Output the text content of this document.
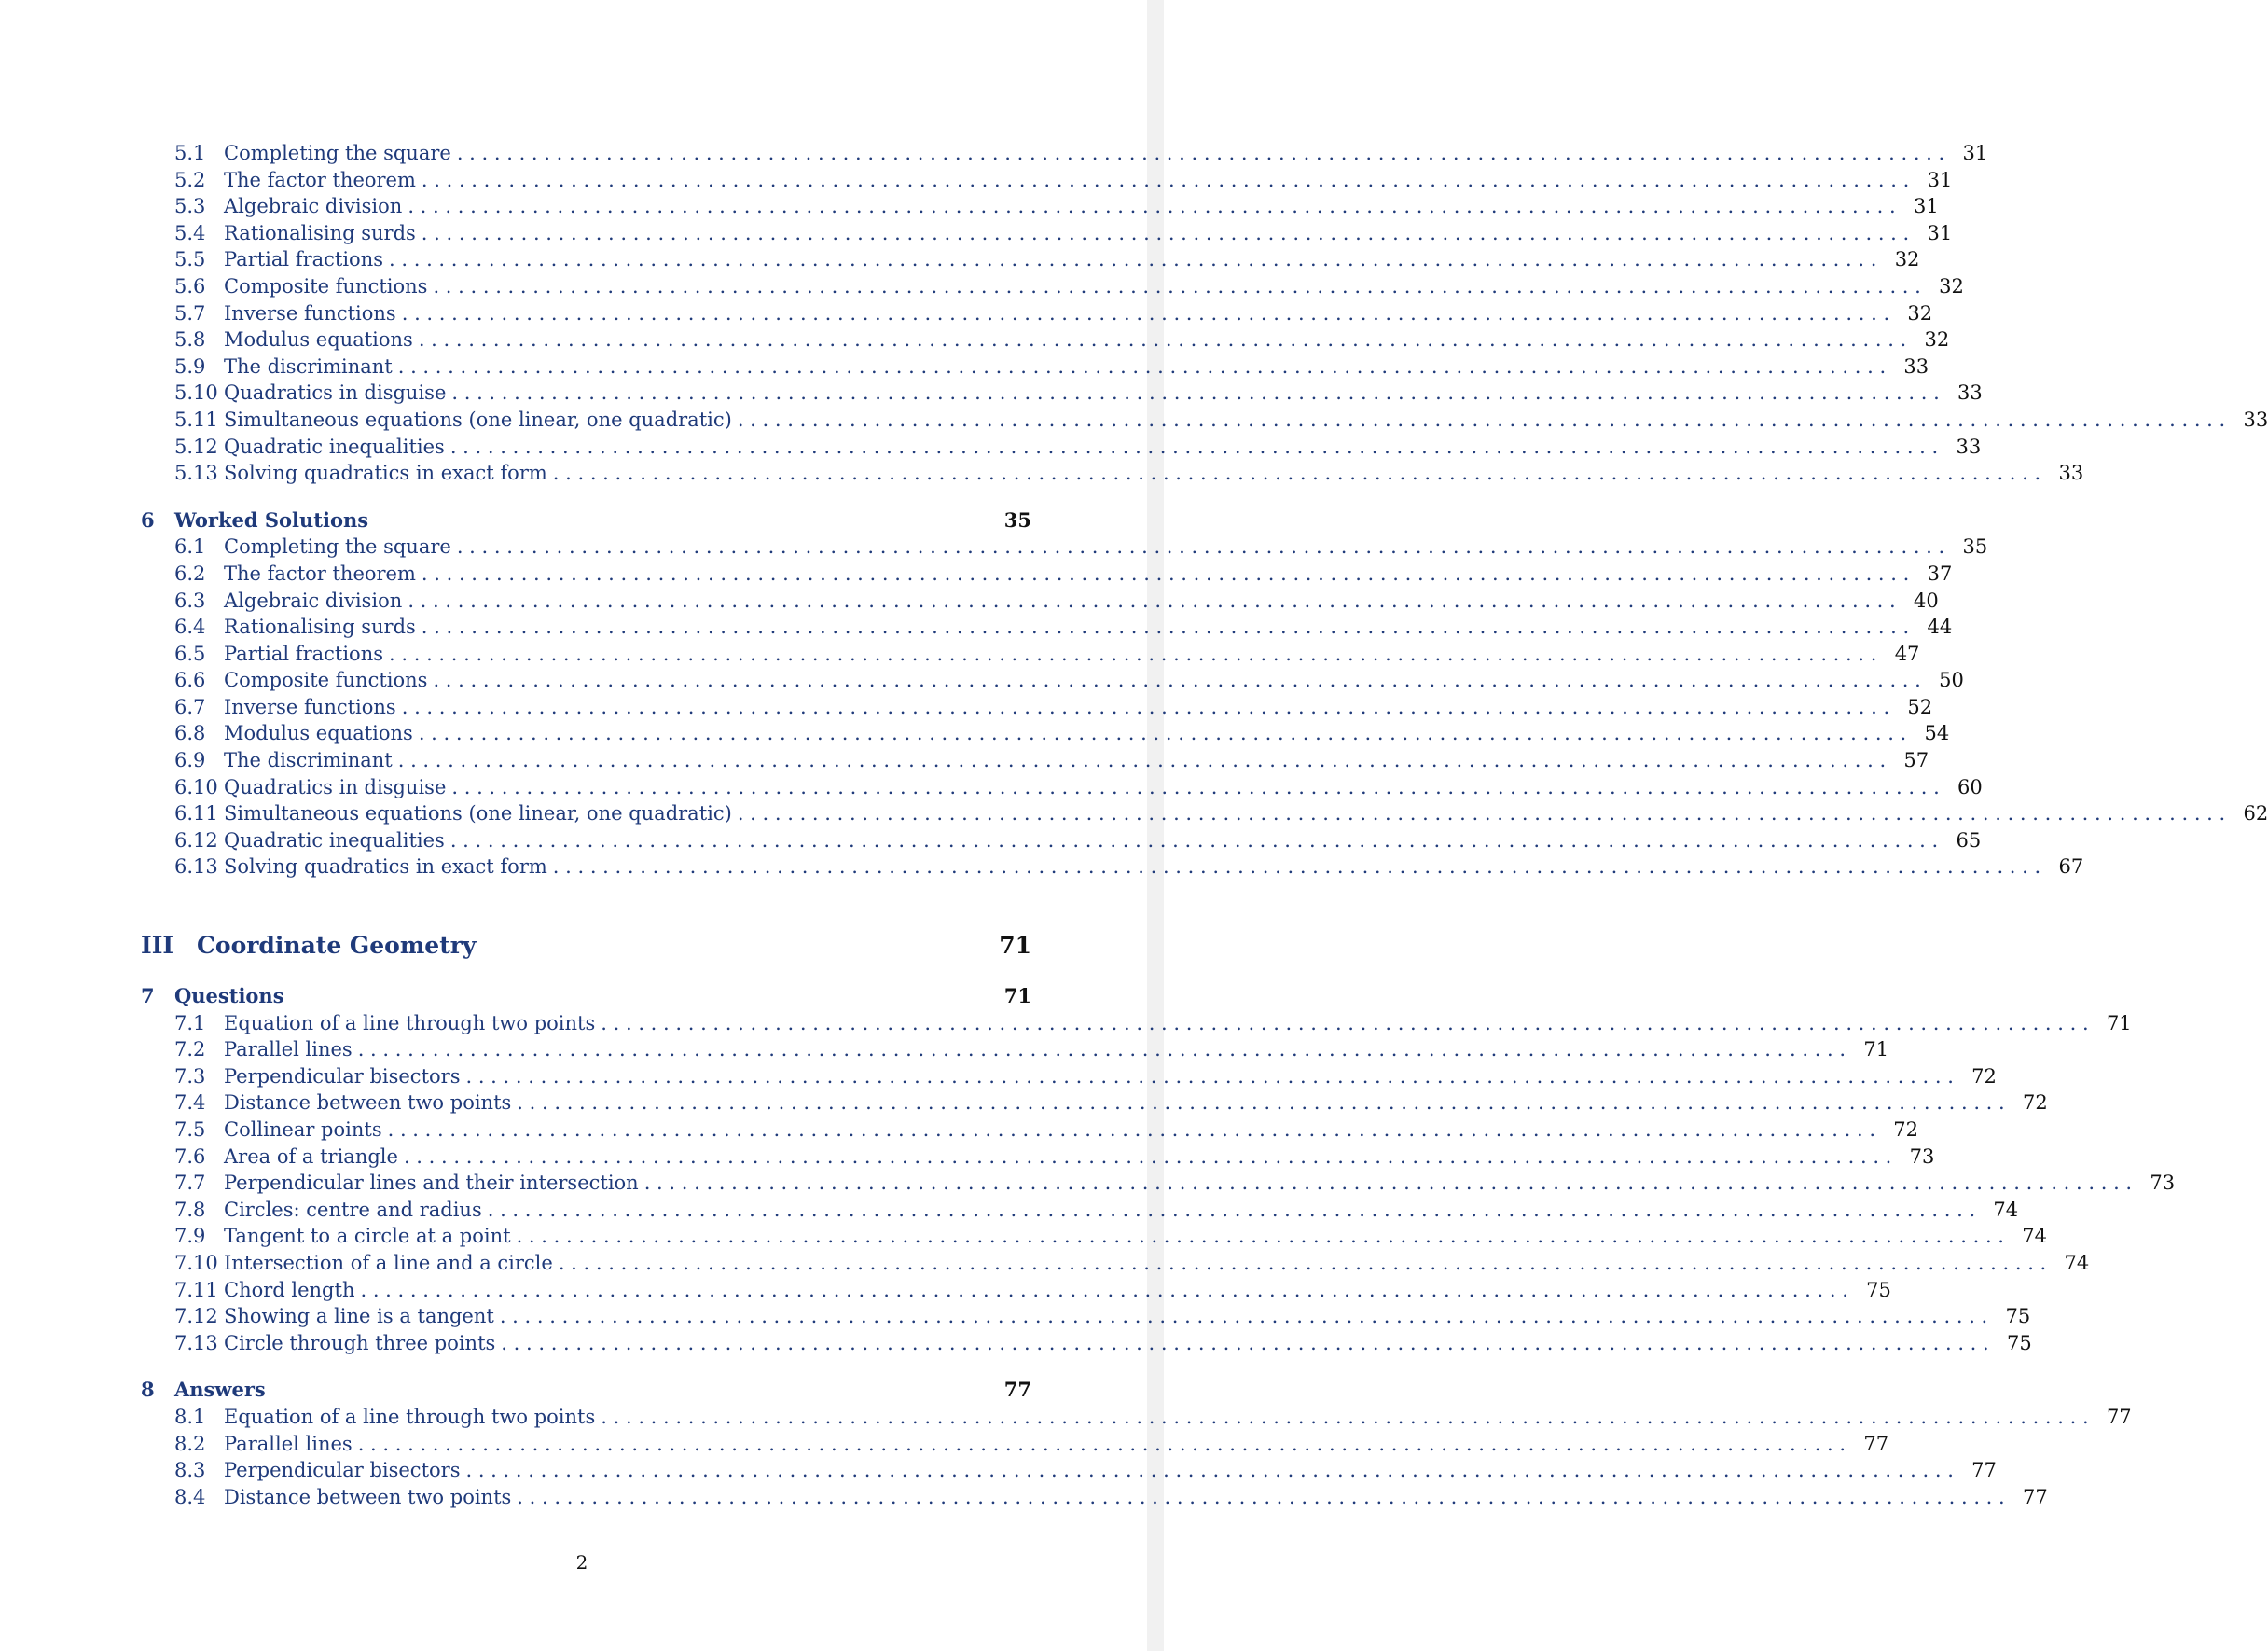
5.1 Completing the square . . . . . . . . . . . . . . . . . . . . . . . . . . . . . . . . . . . . . . . . . . . . . . . . . . . . . . . . . . . . . . . . . . . . . . . . . . . . . . . . . . . . . . . . . . . . . . . . . . . . . . . . . . . . . . . . . . . . . . . . 31
5.2 The factor theorem . . . . . . . . . . . . . . . . . . . . . . . . . . . . . . . . . . . . . . . . . . . . . . . . . . . . . . . . . . . . . . . . . . . . . . . . . . . . . . . . . . . . . . . . . . . . . . . . . . . . . . . . . . . . . . . . . . . . . . . . 31
5.3 Algebraic division . . . . . . . . . . . . . . . . . . . . . . . . . . . . . . . . . . . . . . . . . . . . . . . . . . . . . . . . . . . . . . . . . . . . . . . . . . . . . . . . . . . . . . . . . . . . . . . . . . . . . . . . . . . . . . . . . . . . . . . . 31
5.4 Rationalising surds . . . . . . . . . . . . . . . . . . . . . . . . . . . . . . . . . . . . . . . . . . . . . . . . . . . . . . . . . . . . . . . . . . . . . . . . . . . . . . . . . . . . . . . . . . . . . . . . . . . . . . . . . . . . . . . . . . . . . . . . 31
5.5 Partial fractions . . . . . . . . . . . . . . . . . . . . . . . . . . . . . . . . . . . . . . . . . . . . . . . . . . . . . . . . . . . . . . . . . . . . . . . . . . . . . . . . . . . . . . . . . . . . . . . . . . . . . . . . . . . . . . . . . . . . . . . . 32
5.6 Composite functions . . . . . . . . . . . . . . . . . . . . . . . . . . . . . . . . . . . . . . . . . . . . . . . . . . . . . . . . . . . . . . . . . . . . . . . . . . . . . . . . . . . . . . . . . . . . . . . . . . . . . . . . . . . . . . . . . . . . . . . . 32
5.7 Inverse functions . . . . . . . . . . . . . . . . . . . . . . . . . . . . . . . . . . . . . . . . . . . . . . . . . . . . . . . . . . . . . . . . . . . . . . . . . . . . . . . . . . . . . . . . . . . . . . . . . . . . . . . . . . . . . . . . . . . . . . . . 32
5.8 Modulus equations . . . . . . . . . . . . . . . . . . . . . . . . . . . . . . . . . . . . . . . . . . . . . . . . . . . . . . . . . . . . . . . . . . . . . . . . . . . . . . . . . . . . . . . . . . . . . . . . . . . . . . . . . . . . . . . . . . . . . . . . 32
5.9 The discriminant . . . . . . . . . . . . . . . . . . . . . . . . . . . . . . . . . . . . . . . . . . . . . . . . . . . . . . . . . . . . . . . . . . . . . . . . . . . . . . . . . . . . . . . . . . . . . . . . . . . . . . . . . . . . . . . . . . . . . . . . 33
5.10 Quadratics in disguise . . . . . . . . . . . . . . . . . . . . . . . . . . . . . . . . . . . . . . . . . . . . . . . . . . . . . . . . . . . . . . . . . . . . . . . . . . . . . . . . . . . . . . . . . . . . . . . . . . . . . . . . . . . . . . . . . . . . . . . . 33
5.11 Simultaneous equations (one linear, one quadratic) . . . . . . . . . . . . . . . . . . . . . . . . . . . . . . . . . . . . . . . . . . . . . . . . . . . . . . . . . . . . . . . . . . . . . . . . . . . . . . . . . . . . . . . . . . . . . . . . . . . . . . . . . . . . . . . . . . . . . . . . 33
5.12 Quadratic inequalities . . . . . . . . . . . . . . . . . . . . . . . . . . . . . . . . . . . . . . . . . . . . . . . . . . . . . . . . . . . . . . . . . . . . . . . . . . . . . . . . . . . . . . . . . . . . . . . . . . . . . . . . . . . . . . . . . . . . . . . . 33
5.13 Solving quadratics in exact form . . . . . . . . . . . . . . . . . . . . . . . . . . . . . . . . . . . . . . . . . . . . . . . . . . . . . . . . . . . . . . . . . . . . . . . . . . . . . . . . . . . . . . . . . . . . . . . . . . . . . . . . . . . . . . . . . . . . . . . . 33
6	Worked Solutions	35
6.1 Completing the square . . . . . . . . . . . . . . . . . . . . . . . . . . . . . . . . . . . . . . . . . . . . . . . . . . . . . . . . . . . . . . . . . . . . . . . . . . . . . . . . . . . . . . . . . . . . . . . . . . . . . . . . . . . . . . . . . . . . . . . . 35
6.2 The factor theorem . . . . . . . . . . . . . . . . . . . . . . . . . . . . . . . . . . . . . . . . . . . . . . . . . . . . . . . . . . . . . . . . . . . . . . . . . . . . . . . . . . . . . . . . . . . . . . . . . . . . . . . . . . . . . . . . . . . . . . . . 37
6.3 Algebraic division . . . . . . . . . . . . . . . . . . . . . . . . . . . . . . . . . . . . . . . . . . . . . . . . . . . . . . . . . . . . . . . . . . . . . . . . . . . . . . . . . . . . . . . . . . . . . . . . . . . . . . . . . . . . . . . . . . . . . . . . 40
6.4 Rationalising surds . . . . . . . . . . . . . . . . . . . . . . . . . . . . . . . . . . . . . . . . . . . . . . . . . . . . . . . . . . . . . . . . . . . . . . . . . . . . . . . . . . . . . . . . . . . . . . . . . . . . . . . . . . . . . . . . . . . . . . . . 44
6.5 Partial fractions . . . . . . . . . . . . . . . . . . . . . . . . . . . . . . . . . . . . . . . . . . . . . . . . . . . . . . . . . . . . . . . . . . . . . . . . . . . . . . . . . . . . . . . . . . . . . . . . . . . . . . . . . . . . . . . . . . . . . . . . 47
6.6 Composite functions . . . . . . . . . . . . . . . . . . . . . . . . . . . . . . . . . . . . . . . . . . . . . . . . . . . . . . . . . . . . . . . . . . . . . . . . . . . . . . . . . . . . . . . . . . . . . . . . . . . . . . . . . . . . . . . . . . . . . . . . 50
6.7 Inverse functions . . . . . . . . . . . . . . . . . . . . . . . . . . . . . . . . . . . . . . . . . . . . . . . . . . . . . . . . . . . . . . . . . . . . . . . . . . . . . . . . . . . . . . . . . . . . . . . . . . . . . . . . . . . . . . . . . . . . . . . . 52
6.8 Modulus equations . . . . . . . . . . . . . . . . . . . . . . . . . . . . . . . . . . . . . . . . . . . . . . . . . . . . . . . . . . . . . . . . . . . . . . . . . . . . . . . . . . . . . . . . . . . . . . . . . . . . . . . . . . . . . . . . . . . . . . . . 54
6.9 The discriminant . . . . . . . . . . . . . . . . . . . . . . . . . . . . . . . . . . . . . . . . . . . . . . . . . . . . . . . . . . . . . . . . . . . . . . . . . . . . . . . . . . . . . . . . . . . . . . . . . . . . . . . . . . . . . . . . . . . . . . . . 57
6.10 Quadratics in disguise . . . . . . . . . . . . . . . . . . . . . . . . . . . . . . . . . . . . . . . . . . . . . . . . . . . . . . . . . . . . . . . . . . . . . . . . . . . . . . . . . . . . . . . . . . . . . . . . . . . . . . . . . . . . . . . . . . . . . . . . 60
6.11 Simultaneous equations (one linear, one quadratic) . . . . . . . . . . . . . . . . . . . . . . . . . . . . . . . . . . . . . . . . . . . . . . . . . . . . . . . . . . . . . . . . . . . . . . . . . . . . . . . . . . . . . . . . . . . . . . . . . . . . . . . . . . . . . . . . . . . . . . . . 62
6.12 Quadratic inequalities . . . . . . . . . . . . . . . . . . . . . . . . . . . . . . . . . . . . . . . . . . . . . . . . . . . . . . . . . . . . . . . . . . . . . . . . . . . . . . . . . . . . . . . . . . . . . . . . . . . . . . . . . . . . . . . . . . . . . . . . 65
6.13 Solving quadratics in exact form . . . . . . . . . . . . . . . . . . . . . . . . . . . . . . . . . . . . . . . . . . . . . . . . . . . . . . . . . . . . . . . . . . . . . . . . . . . . . . . . . . . . . . . . . . . . . . . . . . . . . . . . . . . . . . . . . . . . . . . . 67
III Coordinate Geometry	71
7	Questions	71
7.1 Equation of a line through two points . . . . . . . . . . . . . . . . . . . . . . . . . . . . . . . . . . . . . . . . . . . . . . . . . . . . . . . . . . . . . . . . . . . . . . . . . . . . . . . . . . . . . . . . . . . . . . . . . . . . . . . . . . . . . . . . . . . . . . . . 71
7.2 Parallel lines . . . . . . . . . . . . . . . . . . . . . . . . . . . . . . . . . . . . . . . . . . . . . . . . . . . . . . . . . . . . . . . . . . . . . . . . . . . . . . . . . . . . . . . . . . . . . . . . . . . . . . . . . . . . . . . . . . . . . . . . 71
7.3 Perpendicular bisectors . . . . . . . . . . . . . . . . . . . . . . . . . . . . . . . . . . . . . . . . . . . . . . . . . . . . . . . . . . . . . . . . . . . . . . . . . . . . . . . . . . . . . . . . . . . . . . . . . . . . . . . . . . . . . . . . . . . . . . . . 72
7.4 Distance between two points . . . . . . . . . . . . . . . . . . . . . . . . . . . . . . . . . . . . . . . . . . . . . . . . . . . . . . . . . . . . . . . . . . . . . . . . . . . . . . . . . . . . . . . . . . . . . . . . . . . . . . . . . . . . . . . . . . . . . . . . 72
7.5 Collinear points . . . . . . . . . . . . . . . . . . . . . . . . . . . . . . . . . . . . . . . . . . . . . . . . . . . . . . . . . . . . . . . . . . . . . . . . . . . . . . . . . . . . . . . . . . . . . . . . . . . . . . . . . . . . . . . . . . . . . . . . 72
7.6 Area of a triangle . . . . . . . . . . . . . . . . . . . . . . . . . . . . . . . . . . . . . . . . . . . . . . . . . . . . . . . . . . . . . . . . . . . . . . . . . . . . . . . . . . . . . . . . . . . . . . . . . . . . . . . . . . . . . . . . . . . . . . . . 73
7.7 Perpendicular lines and their intersection . . . . . . . . . . . . . . . . . . . . . . . . . . . . . . . . . . . . . . . . . . . . . . . . . . . . . . . . . . . . . . . . . . . . . . . . . . . . . . . . . . . . . . . . . . . . . . . . . . . . . . . . . . . . . . . . . . . . . . . . 73
7.8 Circles: centre and radius . . . . . . . . . . . . . . . . . . . . . . . . . . . . . . . . . . . . . . . . . . . . . . . . . . . . . . . . . . . . . . . . . . . . . . . . . . . . . . . . . . . . . . . . . . . . . . . . . . . . . . . . . . . . . . . . . . . . . . . . 74
7.9 Tangent to a circle at a point . . . . . . . . . . . . . . . . . . . . . . . . . . . . . . . . . . . . . . . . . . . . . . . . . . . . . . . . . . . . . . . . . . . . . . . . . . . . . . . . . . . . . . . . . . . . . . . . . . . . . . . . . . . . . . . . . . . . . . . . 74
7.10 Intersection of a line and a circle . . . . . . . . . . . . . . . . . . . . . . . . . . . . . . . . . . . . . . . . . . . . . . . . . . . . . . . . . . . . . . . . . . . . . . . . . . . . . . . . . . . . . . . . . . . . . . . . . . . . . . . . . . . . . . . . . . . . . . . . 74
7.11 Chord length . . . . . . . . . . . . . . . . . . . . . . . . . . . . . . . . . . . . . . . . . . . . . . . . . . . . . . . . . . . . . . . . . . . . . . . . . . . . . . . . . . . . . . . . . . . . . . . . . . . . . . . . . . . . . . . . . . . . . . . . 75
7.12 Showing a line is a tangent . . . . . . . . . . . . . . . . . . . . . . . . . . . . . . . . . . . . . . . . . . . . . . . . . . . . . . . . . . . . . . . . . . . . . . . . . . . . . . . . . . . . . . . . . . . . . . . . . . . . . . . . . . . . . . . . . . . . . . . . 75
7.13 Circle through three points . . . . . . . . . . . . . . . . . . . . . . . . . . . . . . . . . . . . . . . . . . . . . . . . . . . . . . . . . . . . . . . . . . . . . . . . . . . . . . . . . . . . . . . . . . . . . . . . . . . . . . . . . . . . . . . . . . . . . . . . 75
8	Answers	77
8.1 Equation of a line through two points . . . . . . . . . . . . . . . . . . . . . . . . . . . . . . . . . . . . . . . . . . . . . . . . . . . . . . . . . . . . . . . . . . . . . . . . . . . . . . . . . . . . . . . . . . . . . . . . . . . . . . . . . . . . . . . . . . . . . . . . 77
8.2 Parallel lines . . . . . . . . . . . . . . . . . . . . . . . . . . . . . . . . . . . . . . . . . . . . . . . . . . . . . . . . . . . . . . . . . . . . . . . . . . . . . . . . . . . . . . . . . . . . . . . . . . . . . . . . . . . . . . . . . . . . . . . . 77
8.3 Perpendicular bisectors . . . . . . . . . . . . . . . . . . . . . . . . . . . . . . . . . . . . . . . . . . . . . . . . . . . . . . . . . . . . . . . . . . . . . . . . . . . . . . . . . . . . . . . . . . . . . . . . . . . . . . . . . . . . . . . . . . . . . . . . 77
8.4 Distance between two points . . . . . . . . . . . . . . . . . . . . . . . . . . . . . . . . . . . . . . . . . . . . . . . . . . . . . . . . . . . . . . . . . . . . . . . . . . . . . . . . . . . . . . . . . . . . . . . . . . . . . . . . . . . . . . . . . . . . . . . . 77
2
